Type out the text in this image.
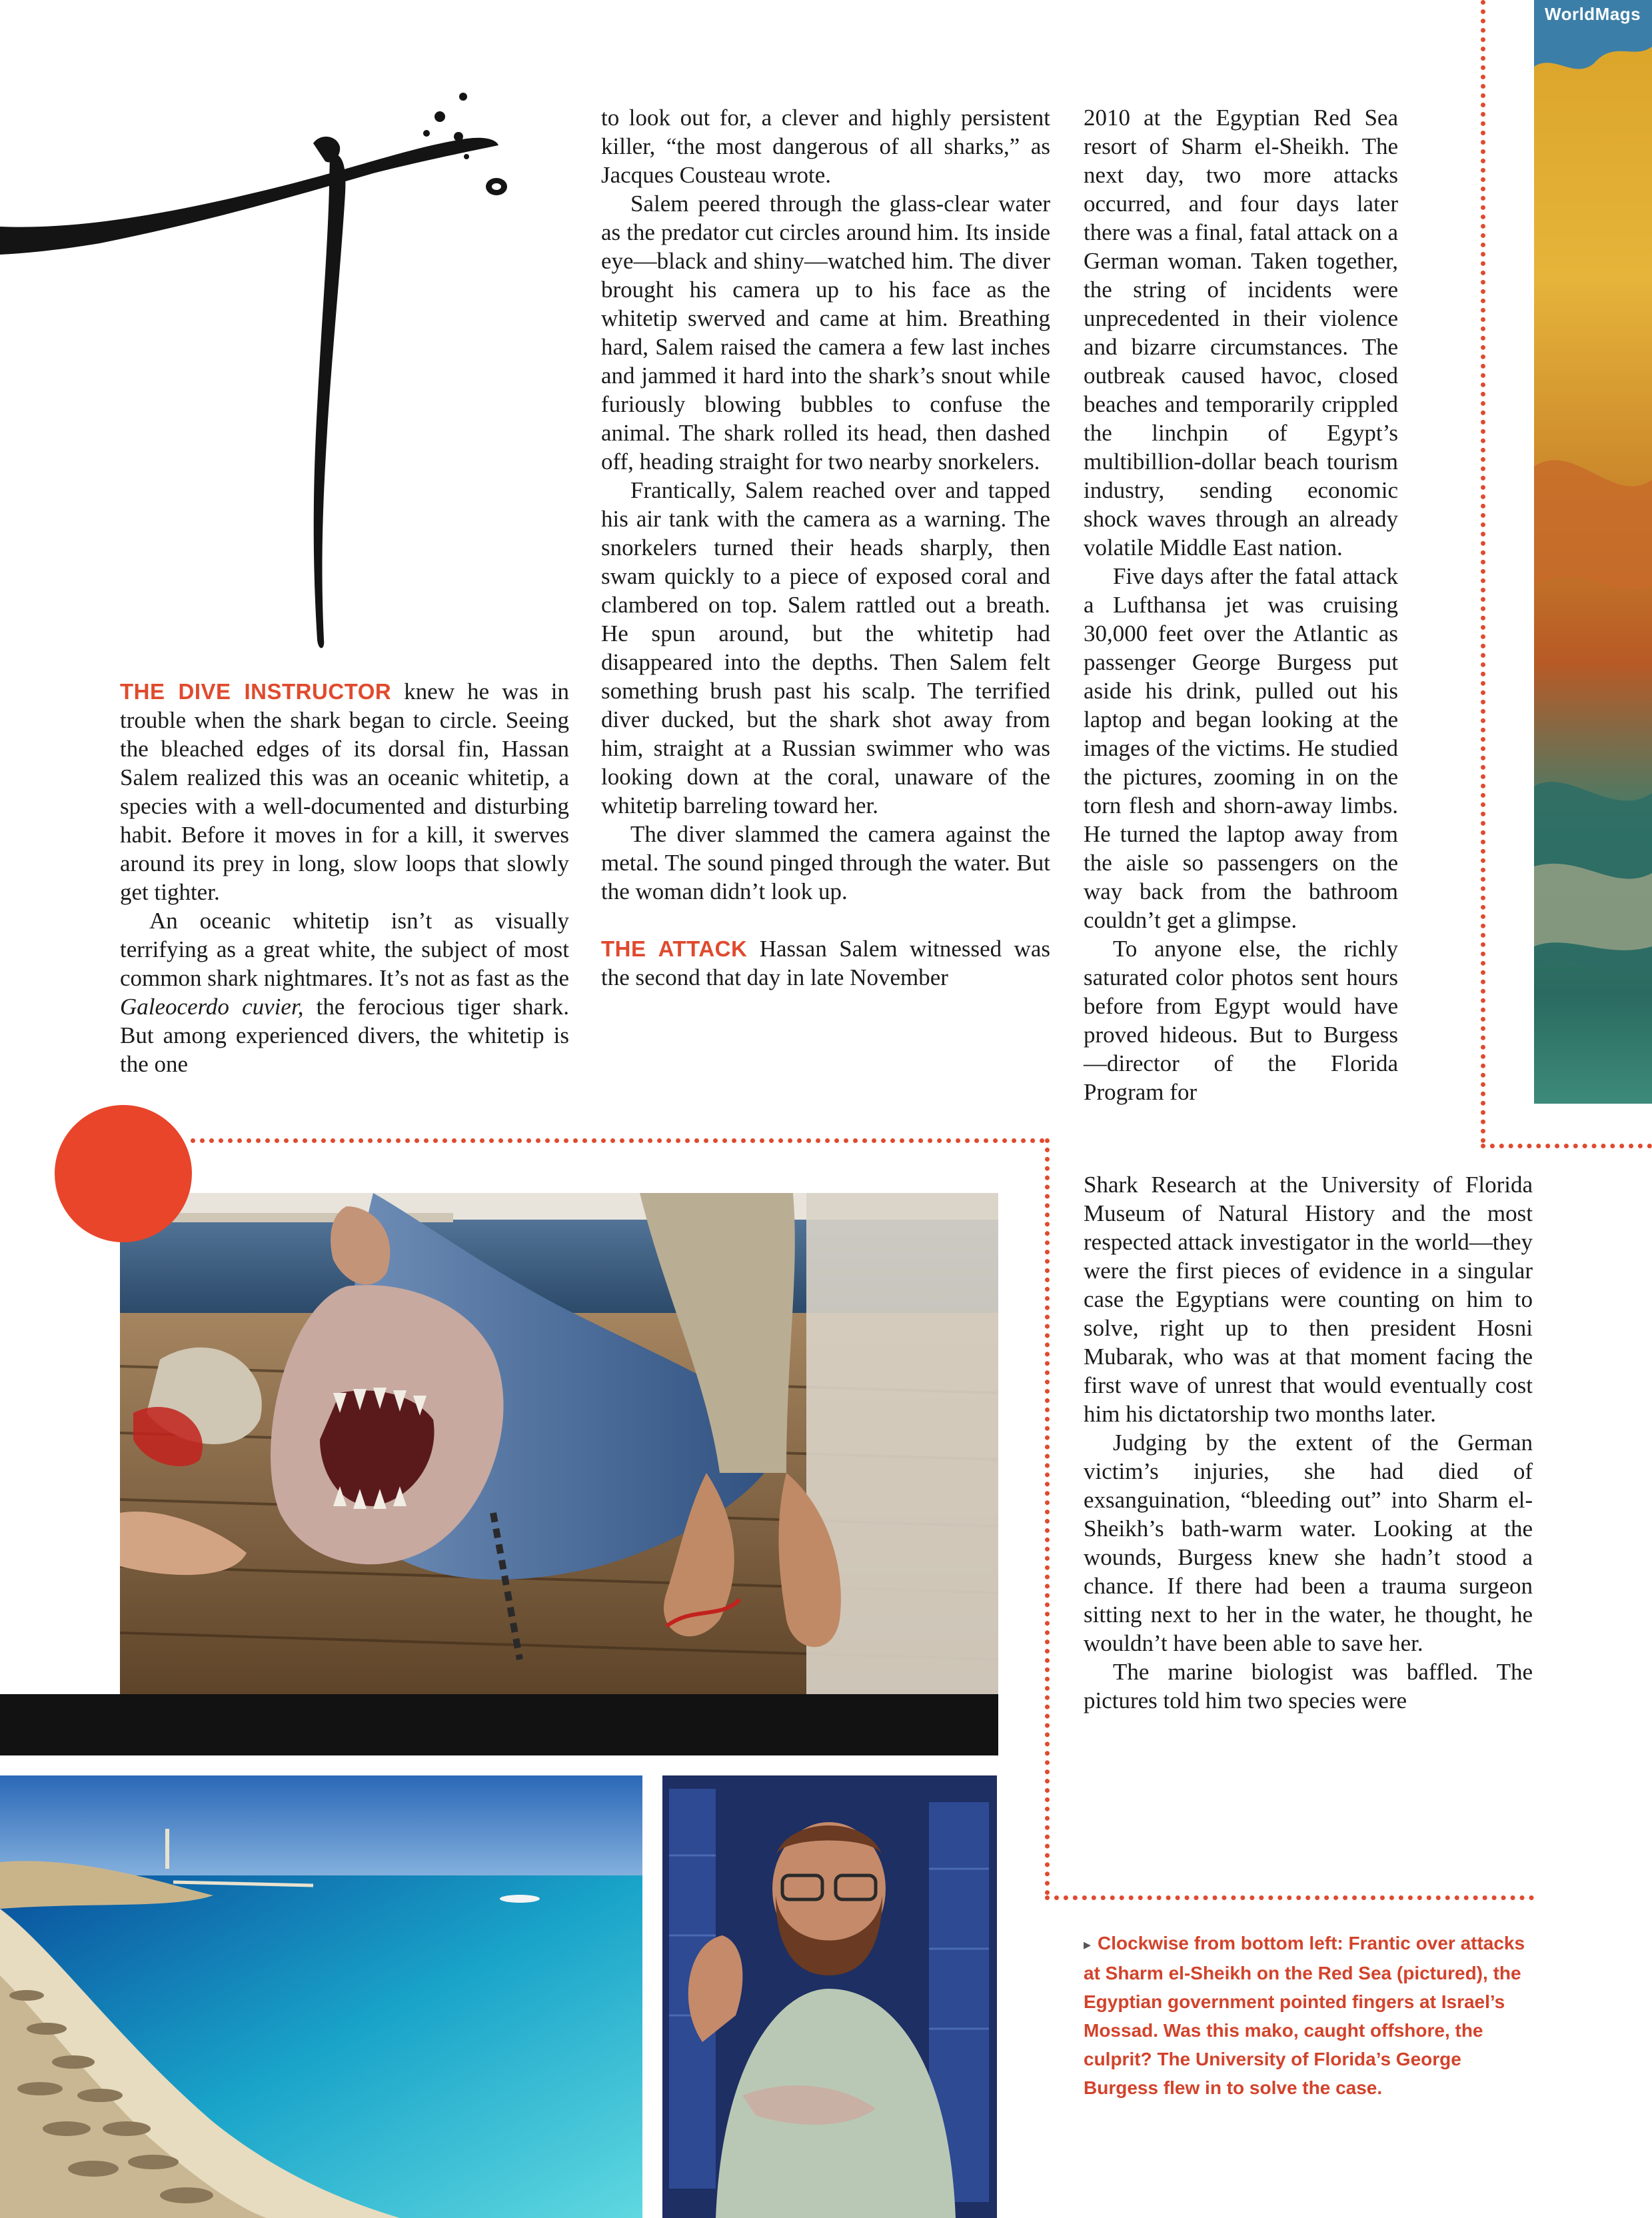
WorldMags

THE DIVE INSTRUCTOR knew he was in trouble when the shark began to circle. Seeing the bleached edges of its dorsal fin, Hassan Salem realized this was an oceanic whitetip, a species with a well-documented and disturbing habit. Before it moves in for a kill, it swerves around its prey in long, slow loops that slowly get tighter.

An oceanic whitetip isn’t as visually terrifying as a great white, the subject of most common shark nightmares. It’s not as fast as the Galeocerdo cuvier, the ferocious tiger shark. But among experienced divers, the whitetip is the one

to look out for, a clever and highly persistent killer, “the most dangerous of all sharks,” as Jacques Cousteau wrote.

Salem peered through the glass-clear water as the predator cut circles around him. Its inside eye—black and shiny—watched him. The diver brought his camera up to his face as the whitetip swerved and came at him. Breathing hard, Salem raised the camera a few last inches and jammed it hard into the shark’s snout while furiously blowing bubbles to confuse the animal. The shark rolled its head, then dashed off, heading straight for two nearby snorkelers.

Frantically, Salem reached over and tapped his air tank with the camera as a warning. The snorkelers turned their heads sharply, then swam quickly to a piece of exposed coral and clambered on top. Salem rattled out a breath. He spun around, but the whitetip had disappeared into the depths. Then Salem felt something brush past his scalp. The terrified diver ducked, but the shark shot away from him, straight at a Russian swimmer who was looking down at the coral, unaware of the whitetip barreling toward her.

The diver slammed the camera against the metal. The sound pinged through the water. But the woman didn’t look up.

THE ATTACK Hassan Salem witnessed was the second that day in late November

2010 at the Egyptian Red Sea resort of Sharm el-Sheikh. The next day, two more attacks occurred, and four days later there was a final, fatal attack on a German woman. Taken together, the string of incidents were unprecedented in their violence and bizarre circumstances. The outbreak caused havoc, closed beaches and temporarily crippled the linchpin of Egypt’s multibillion-dollar beach tourism industry, sending economic shock waves through an already volatile Middle East nation.

Five days after the fatal attack a Lufthansa jet was cruising 30,000 feet over the Atlantic as passenger George Burgess put aside his drink, pulled out his laptop and began looking at the images of the victims. He studied the pictures, zooming in on the torn flesh and shorn-away limbs. He turned the laptop away from the aisle so passengers on the way back from the bathroom couldn’t get a glimpse.

To anyone else, the richly saturated color photos sent hours before from Egypt would have proved hideous. But to Burgess—director of the Florida Program for

Shark Research at the University of Florida Museum of Natural History and the most respected attack investigator in the world—they were the first pieces of evidence in a singular case the Egyptians were counting on him to solve, right up to then president Hosni Mubarak, who was at that moment facing the first wave of unrest that would eventually cost him his dictatorship two months later.

Judging by the extent of the German victim’s injuries, she had died of exsanguination, “bleeding out” into Sharm el-Sheikh’s bath-warm water. Looking at the wounds, Burgess knew she hadn’t stood a chance. If there had been a trauma surgeon sitting next to her in the water, he thought, he wouldn’t have been able to save her.

The marine biologist was baffled. The pictures told him two species were

▸ Clockwise from bottom left: Frantic over attacks at Sharm el-Sheikh on the Red Sea (pictured), the Egyptian government pointed fingers at Israel’s Mossad. Was this mako, caught offshore, the culprit? The University of Florida’s George Burgess flew in to solve the case.
